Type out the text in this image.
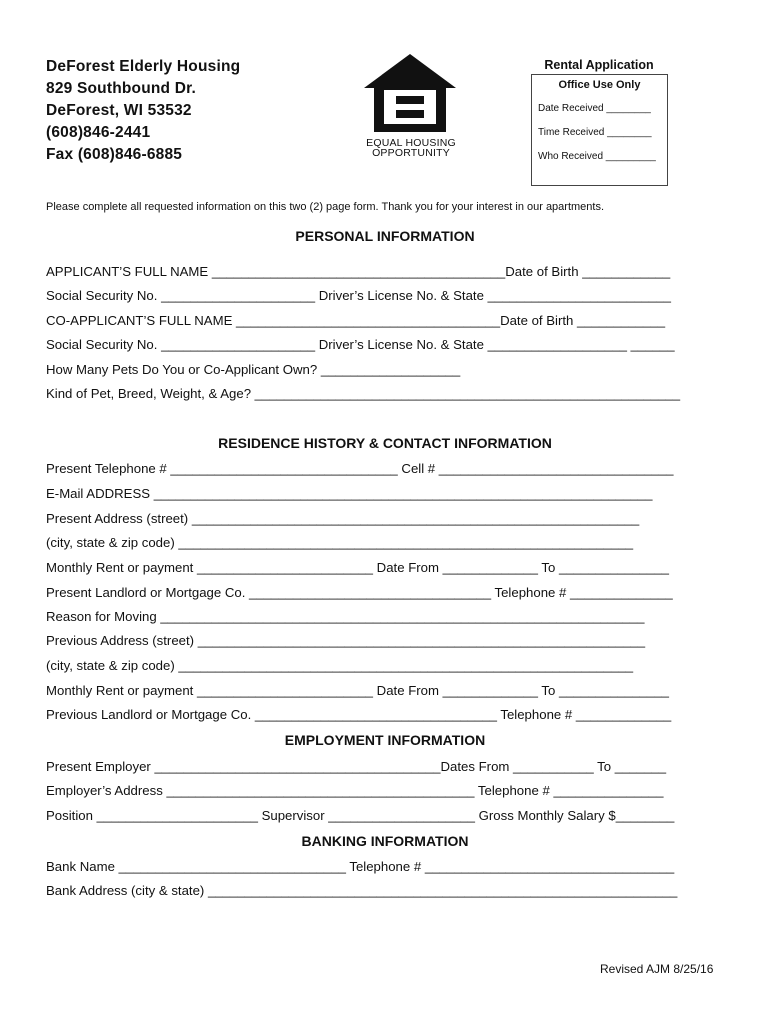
DeForest Elderly Housing
829 Southbound Dr.
DeForest, WI 53532
(608)846-2441
Fax (608)846-6885
EQUAL HOUSING
OPPORTUNITY
Rental Application
Office Use Only
Date Received ________
Time Received ________
Who Received _________
Please complete all requested information on this two (2) page form. Thank you for your interest in our apartments.
PERSONAL INFORMATION
APPLICANT’S FULL NAME ________________________________________Date of Birth ____________
Social Security No. _____________________ Driver’s License No. & State _________________________
CO-APPLICANT’S FULL NAME ____________________________________Date of Birth ____________
Social Security No. _____________________ Driver’s License No. & State ___________________ ______
How Many Pets Do You or Co-Applicant Own? ___________________
Kind of Pet, Breed, Weight, & Age? __________________________________________________________
RESIDENCE HISTORY & CONTACT INFORMATION
Present Telephone # _______________________________ Cell # ________________________________
E-Mail ADDRESS ____________________________________________________________________
Present Address (street) _____________________________________________________________
(city, state & zip code) ______________________________________________________________
Monthly Rent or payment ________________________ Date From _____________ To _______________
Present Landlord or Mortgage Co. _________________________________ Telephone # ______________
Reason for Moving __________________________________________________________________
Previous Address (street) _____________________________________________________________
(city, state & zip code) ______________________________________________________________
Monthly Rent or payment ________________________ Date From _____________ To _______________
Previous Landlord or Mortgage Co. _________________________________ Telephone # _____________
EMPLOYMENT INFORMATION
Present Employer _______________________________________Dates From ___________ To _______
Employer’s Address __________________________________________ Telephone # _______________
Position ______________________ Supervisor ____________________ Gross Monthly Salary $________
BANKING INFORMATION
Bank Name _______________________________ Telephone # __________________________________
Bank Address (city & state) ________________________________________________________________
Revised AJM 8/25/16
